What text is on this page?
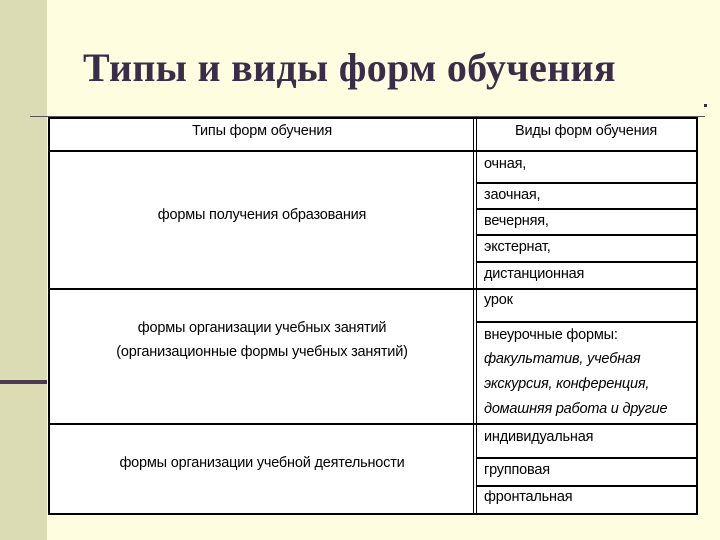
Типы и виды форм обучения
Типы форм обучения	Виды форм обучения
формы получения образования
очная,
заочная,
вечерняя,
экстернат,
дистанционная
формы организации учебных занятий
(организационные формы учебных занятий)
урок
внеурочные формы:
факультатив, учебная
экскурсия, конференция,
домашняя работа и другие
формы организации учебной деятельности
индивидуальная
групповая
фронтальная
